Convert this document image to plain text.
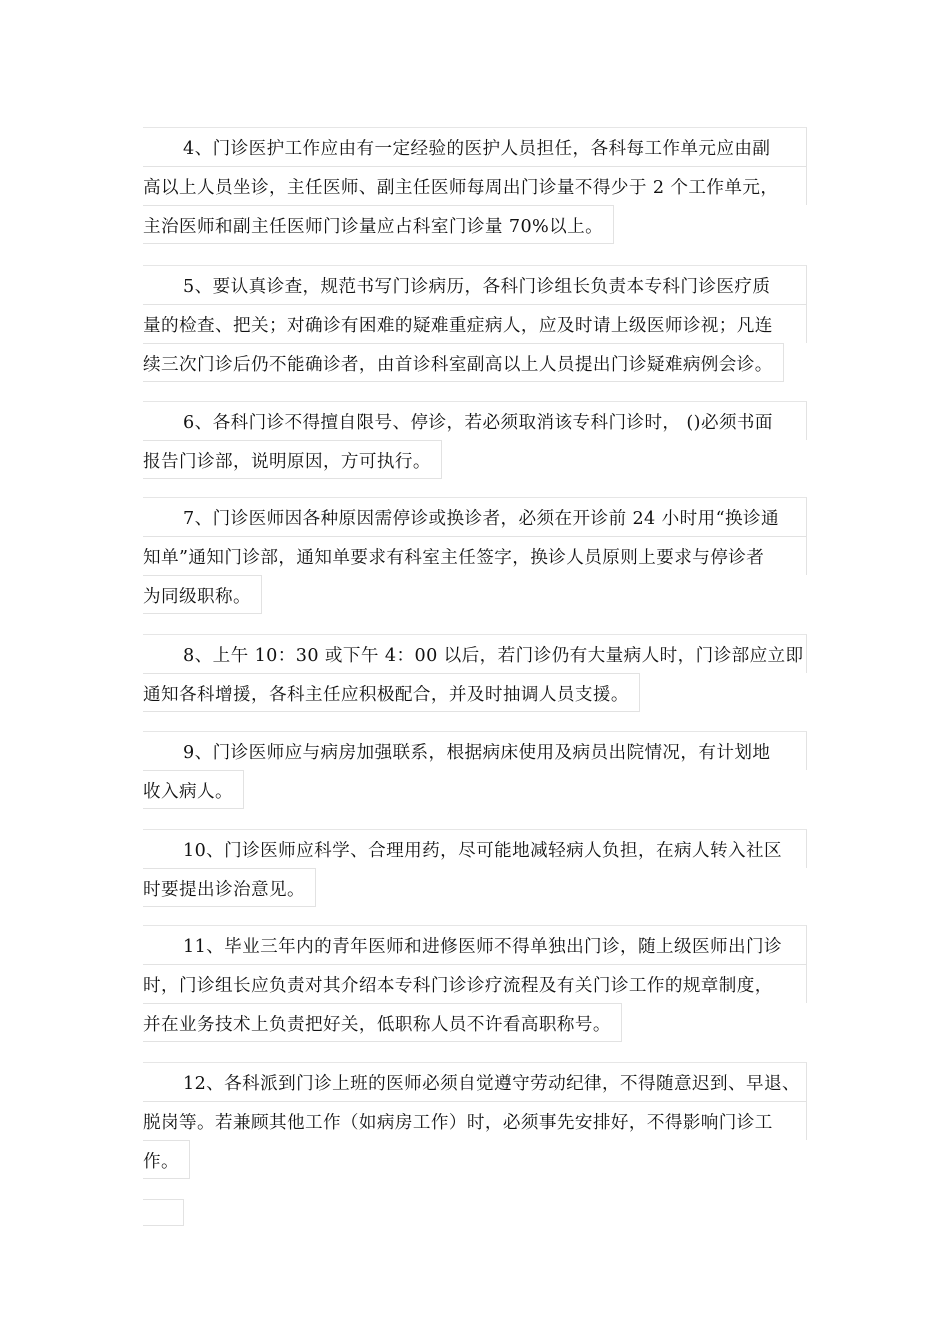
4、门诊医护工作应由有一定经验的医护人员担任，各科每工作单元应由副
高以上人员坐诊，主任医师、副主任医师每周出门诊量不得少于 2 个工作单元，
主治医师和副主任医师门诊量应占科室门诊量 70%以上。
5、要认真诊查，规范书写门诊病历，各科门诊组长负责本专科门诊医疗质
量的检查、把关；对确诊有困难的疑难重症病人，应及时请上级医师诊视；凡连
续三次门诊后仍不能确诊者，由首诊科室副高以上人员提出门诊疑难病例会诊。
6、各科门诊不得擅自限号、停诊，若必须取消该专科门诊时， ()必须书面
报告门诊部，说明原因，方可执行。
7、门诊医师因各种原因需停诊或换诊者，必须在开诊前 24 小时用“换诊通
知单”通知门诊部，通知单要求有科室主任签字，换诊人员原则上要求与停诊者
为同级职称。
8、上午 10：30 或下午 4：00 以后，若门诊仍有大量病人时，门诊部应立即
通知各科增援，各科主任应积极配合，并及时抽调人员支援。
9、门诊医师应与病房加强联系，根据病床使用及病员出院情况，有计划地
收入病人。
10、门诊医师应科学、合理用药，尽可能地减轻病人负担，在病人转入社区
时要提出诊治意见。
11、毕业三年内的青年医师和进修医师不得单独出门诊，随上级医师出门诊
时，门诊组长应负责对其介绍本专科门诊诊疗流程及有关门诊工作的规章制度，
并在业务技术上负责把好关，低职称人员不许看高职称号。
12、各科派到门诊上班的医师必须自觉遵守劳动纪律，不得随意迟到、早退、
脱岗等。若兼顾其他工作（如病房工作）时，必须事先安排好，不得影响门诊工
作。
